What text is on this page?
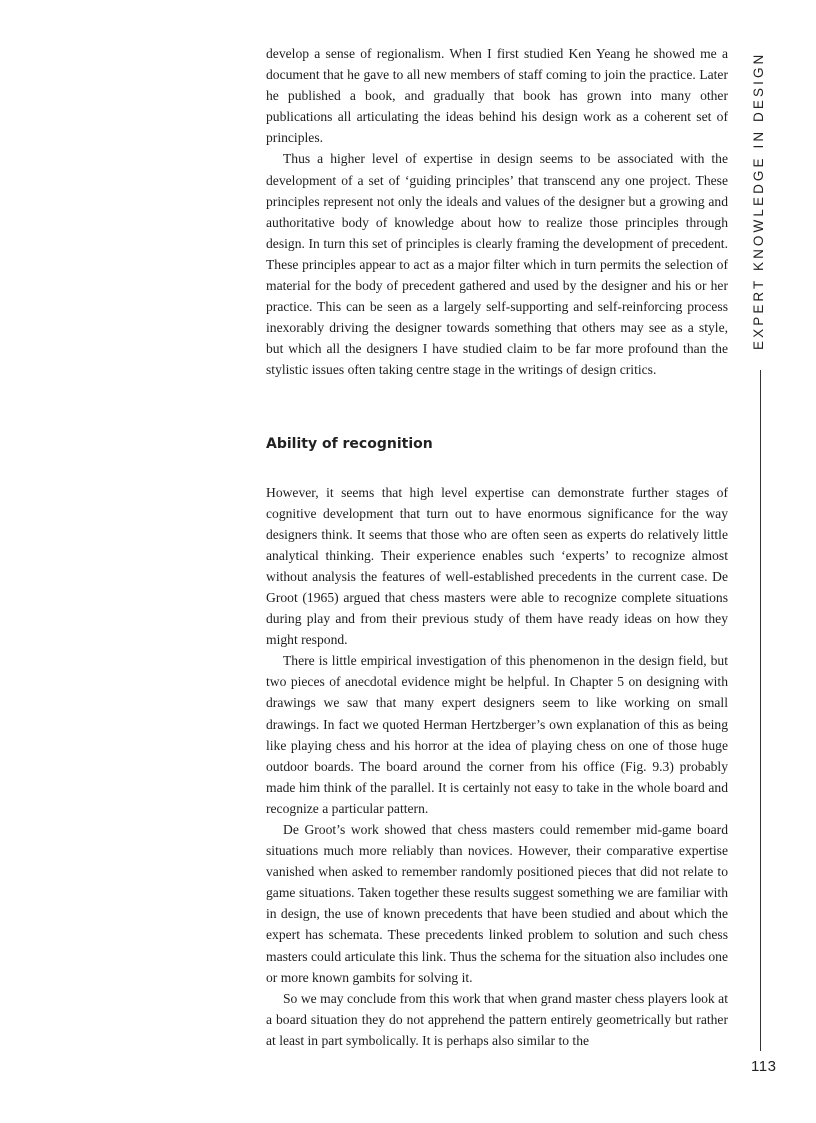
develop a sense of regionalism. When I first studied Ken Yeang he showed me a document that he gave to all new members of staff coming to join the practice. Later he published a book, and gradually that book has grown into many other publications all articulating the ideas behind his design work as a coherent set of principles.

Thus a higher level of expertise in design seems to be associated with the development of a set of ‘guiding principles’ that transcend any one project. These principles represent not only the ideals and values of the designer but a growing and authoritative body of knowledge about how to realize those principles through design. In turn this set of principles is clearly framing the development of precedent. These principles appear to act as a major filter which in turn permits the selection of material for the body of precedent gathered and used by the designer and his or her practice. This can be seen as a largely self-supporting and self-reinforcing process inexorably driving the designer towards something that others may see as a style, but which all the designers I have studied claim to be far more profound than the stylistic issues often taking centre stage in the writings of design critics.

Ability of recognition

However, it seems that high level expertise can demonstrate further stages of cognitive development that turn out to have enormous significance for the way designers think. It seems that those who are often seen as experts do relatively little analytical thinking. Their experience enables such ‘experts’ to recognize almost without analysis the features of well-established precedents in the current case. De Groot (1965) argued that chess masters were able to recognize complete situations during play and from their previous study of them have ready ideas on how they might respond.

There is little empirical investigation of this phenomenon in the design field, but two pieces of anecdotal evidence might be helpful. In Chapter 5 on designing with drawings we saw that many expert designers seem to like working on small drawings. In fact we quoted Herman Hertzberger’s own explanation of this as being like playing chess and his horror at the idea of playing chess on one of those huge outdoor boards. The board around the corner from his office (Fig. 9.3) probably made him think of the parallel. It is certainly not easy to take in the whole board and recognize a particular pattern.

De Groot’s work showed that chess masters could remember mid-game board situations much more reliably than novices. However, their comparative expertise vanished when asked to remember randomly positioned pieces that did not relate to game situations. Taken together these results suggest something we are familiar with in design, the use of known precedents that have been studied and about which the expert has schemata. These precedents linked problem to solution and such chess masters could articulate this link. Thus the schema for the situation also includes one or more known gambits for solving it.

So we may conclude from this work that when grand master chess players look at a board situation they do not apprehend the pattern entirely geometrically but rather at least in part symbolically. It is perhaps also similar to the

EXPERT KNOWLEDGE IN DESIGN
113
